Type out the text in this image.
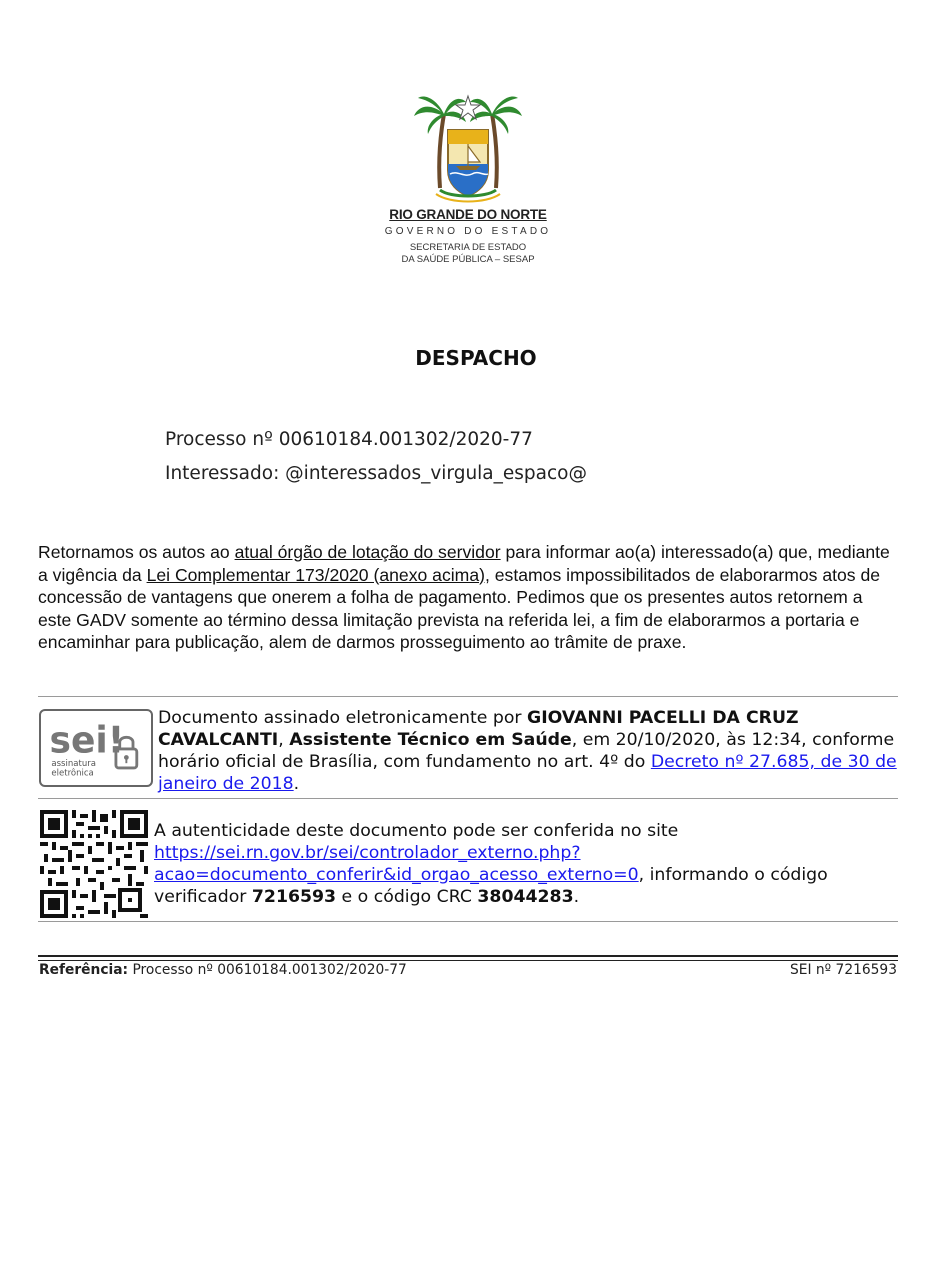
RIO GRANDE DO NORTE
GOVERNO DO ESTADO
SECRETARIA DE ESTADO
DA SAÚDE PÚBLICA – SESAP
DESPACHO
Processo nº 00610184.001302/2020-77
Interessado: @interessados_virgula_espaco@
Retornamos os autos ao atual órgão de lotação do servidor para informar ao(a) interessado(a) que, mediante a vigência da Lei Complementar 173/2020 (anexo acima), estamos impossibilitados de elaborarmos atos de concessão de vantagens que onerem a folha de pagamento. Pedimos que os presentes autos retornem a este GADV somente ao término dessa limitação prevista na referida lei, a fim de elaborarmos a portaria e encaminhar para publicação, alem de darmos prosseguimento ao trâmite de praxe.
sei!
assinatura
eletrônica
Documento assinado eletronicamente por GIOVANNI PACELLI DA CRUZ CAVALCANTI, Assistente Técnico em Saúde, em 20/10/2020, às 12:34, conforme horário oficial de Brasília, com fundamento no art. 4º do Decreto nº 27.685, de 30 de janeiro de 2018.
A autenticidade deste documento pode ser conferida no site https://sei.rn.gov.br/sei/controlador_externo.php?acao=documento_conferir&id_orgao_acesso_externo=0, informando o código verificador 7216593 e o código CRC 38044283.
Referência: Processo nº 00610184.001302/2020-77	SEI nº 7216593
